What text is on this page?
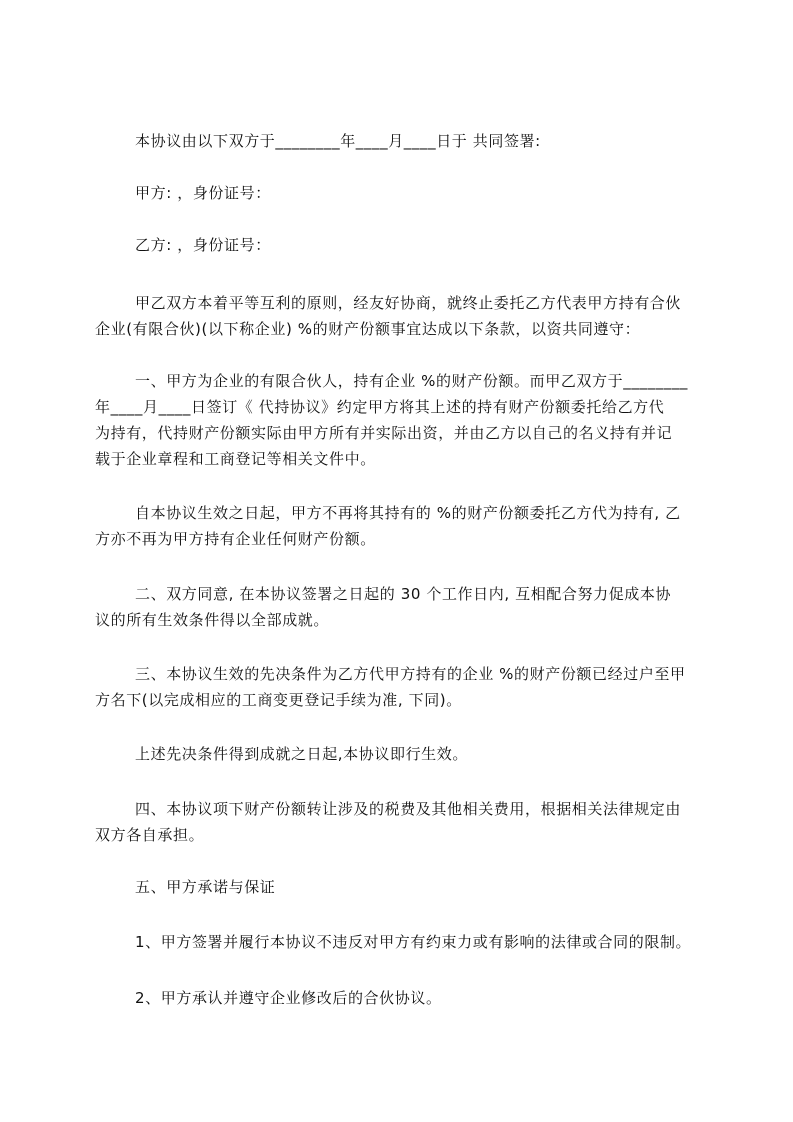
本协议由以下双方于________年____月____日于 共同签署:
甲方: ，身份证号：
乙方: ，身份证号：
甲乙双方本着平等互利的原则，经友好协商，就终止委托乙方代表甲方持有合伙
企业(有限合伙)(以下称企业) %的财产份额事宜达成以下条款，以资共同遵守：
一、甲方为企业的有限合伙人，持有企业 %的财产份额。而甲乙双方于________
年____月____日签订《 代持协议》约定甲方将其上述的持有财产份额委托给乙方代
为持有，代持财产份额实际由甲方所有并实际出资，并由乙方以自己的名义持有并记
载于企业章程和工商登记等相关文件中。
自本协议生效之日起，甲方不再将其持有的 %的财产份额委托乙方代为持有, 乙
方亦不再为甲方持有企业任何财产份额。
二、双方同意, 在本协议签署之日起的 30 个工作日内, 互相配合努力促成本协
议的所有生效条件得以全部成就。
三、本协议生效的先决条件为乙方代甲方持有的企业 %的财产份额已经过户至甲
方名下(以完成相应的工商变更登记手续为准, 下同)。
上述先决条件得到成就之日起,本协议即行生效。
四、本协议项下财产份额转让涉及的税费及其他相关费用，根据相关法律规定由
双方各自承担。
五、甲方承诺与保证
1、甲方签署并履行本协议不违反对甲方有约束力或有影响的法律或合同的限制。
2、甲方承认并遵守企业修改后的合伙协议。
